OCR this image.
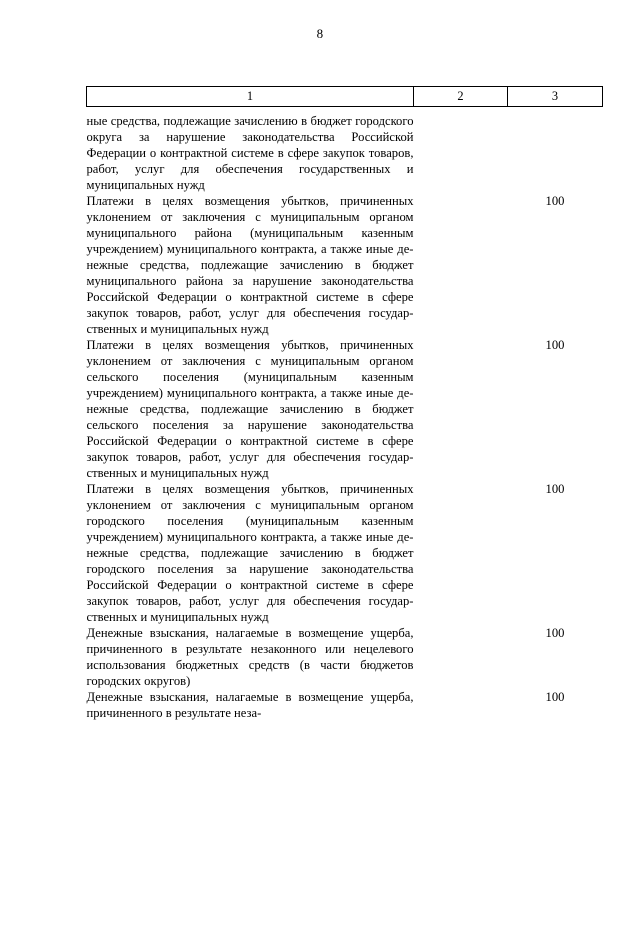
8
1	2	3
ные средства, подлежащие зачислению в бюджет городского округа за нарушение законодательства Российской Федерации о контрактной системе в сфере закупок товаров, работ, услуг для обеспечения государственных и муниципальных нужд		
Платежи в целях возмещения убытков, причиненных уклонением от заключения с муниципальным органом муниципального района (муниципальным казенным учреждением) муниципального контракта, а также иные денежные средства, подлежащие зачислению в бюджет муниципального района за нарушение законодательства Российской Федерации о контрактной системе в сфере закупок товаров, работ, услуг для обеспечения государственных и муниципальных нужд		100
Платежи в целях возмещения убытков, причиненных уклонением от заключения с муниципальным органом сельского поселения (муниципальным казенным учреждением) муниципального контракта, а также иные денежные средства, подлежащие зачислению в бюджет сельского поселения за нарушение законодательства Российской Федерации о контрактной системе в сфере закупок товаров, работ, услуг для обеспечения государственных и муниципальных нужд		100
Платежи в целях возмещения убытков, причиненных уклонением от заключения с муниципальным органом городского поселения (муниципальным казенным учреждением) муниципального контракта, а также иные денежные средства, подлежащие зачислению в бюджет городского поселения за нарушение законодательства Российской Федерации о контрактной системе в сфере закупок товаров, работ, услуг для обеспечения государственных и муниципальных нужд		100
Денежные взыскания, налагаемые в возмещение ущерба, причиненного в результате незаконного или нецелевого использования бюджетных средств (в части бюджетов городских округов)		100
Денежные взыскания, налагаемые в возмещение ущерба, причиненного в результате неза-		100
